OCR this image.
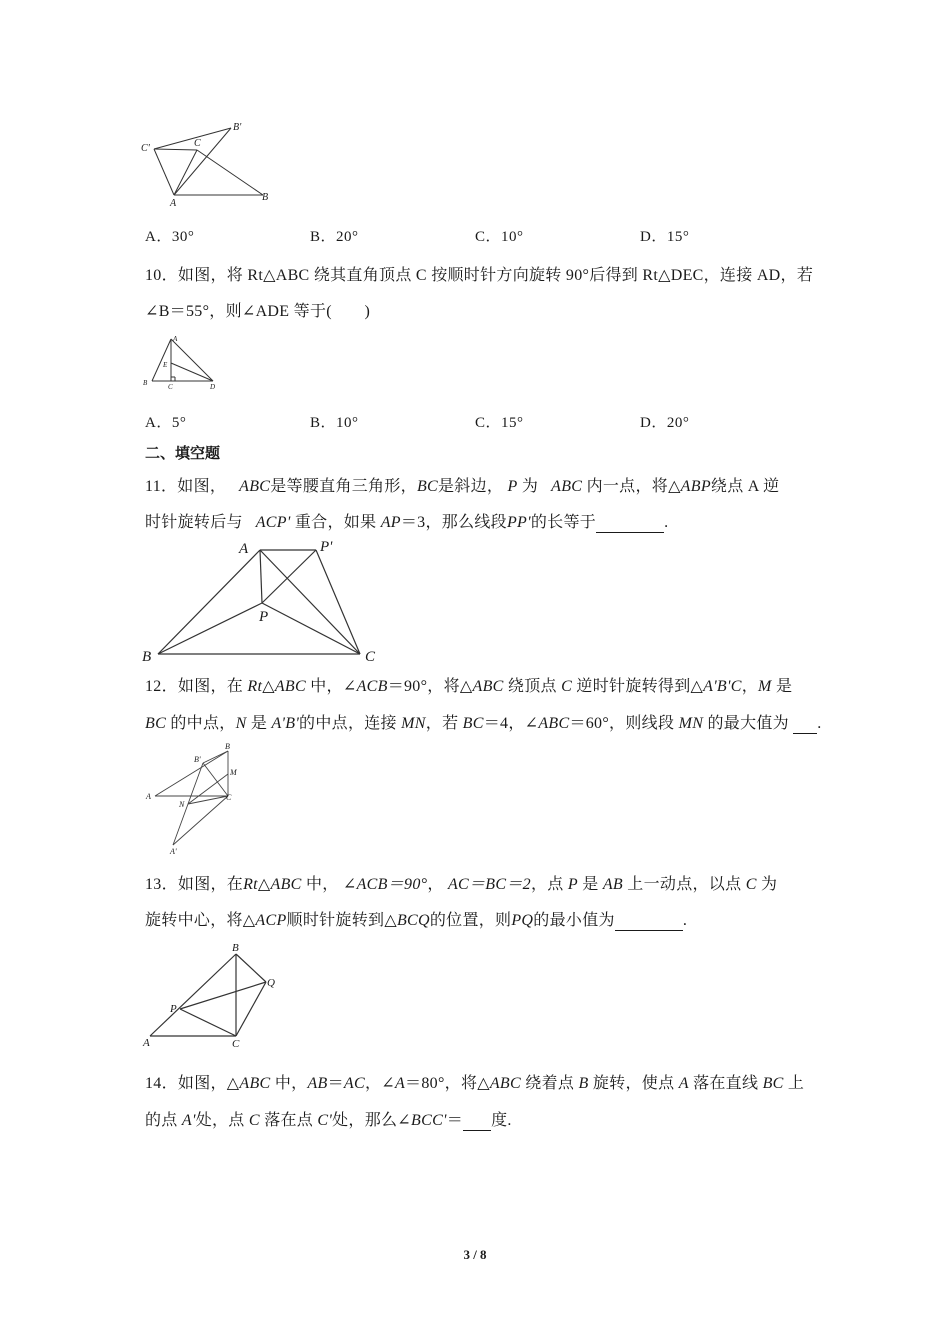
C'	C
B'
A
B
A．30°	B．20°	C．10°	D．15°
10．如图，将 Rt△ABC 绕其直角顶点 C 按顺时针方向旋转 90°后得到 Rt△DEC，连接 AD，若
∠B＝55°，则∠ADE 等于(　　)
A
E
B	C	D
A．5°	B．10°	C．15°	D．20°
二、填空题
11．如图， ABC是等腰直角三角形，BC是斜边， P 为 ABC 内一点，将△ABP绕点 A 逆
时针旋转后与 ACP' 重合，如果 AP＝3，那么线段PP'的长等于	.
A	P'
P
B	C
12．如图，在 Rt△ABC 中，∠ACB＝90°，将△ABC 绕顶点 C 逆时针旋转得到△A'B'C，M 是
BC 的中点，N 是 A'B'的中点，连接 MN，若 BC＝4，∠ABC＝60°，则线段 MN 的最大值为  .
B
B'
M
A
N
C
A'
13．如图，在Rt△ABC 中， ∠ACB＝90°， AC＝BC＝2，点 P 是 AB 上一动点，以点 C 为
旋转中心，将△ACP顺时针旋转到△BCQ的位置，则PQ的最小值为	.
B
Q
P
A	C
14．如图，△ABC 中，AB＝AC，∠A＝80°，将△ABC 绕着点 B 旋转，使点 A 落在直线 BC 上
的点 A'处，点 C 落在点 C'处，那么∠BCC'＝ 度.
3 / 8
